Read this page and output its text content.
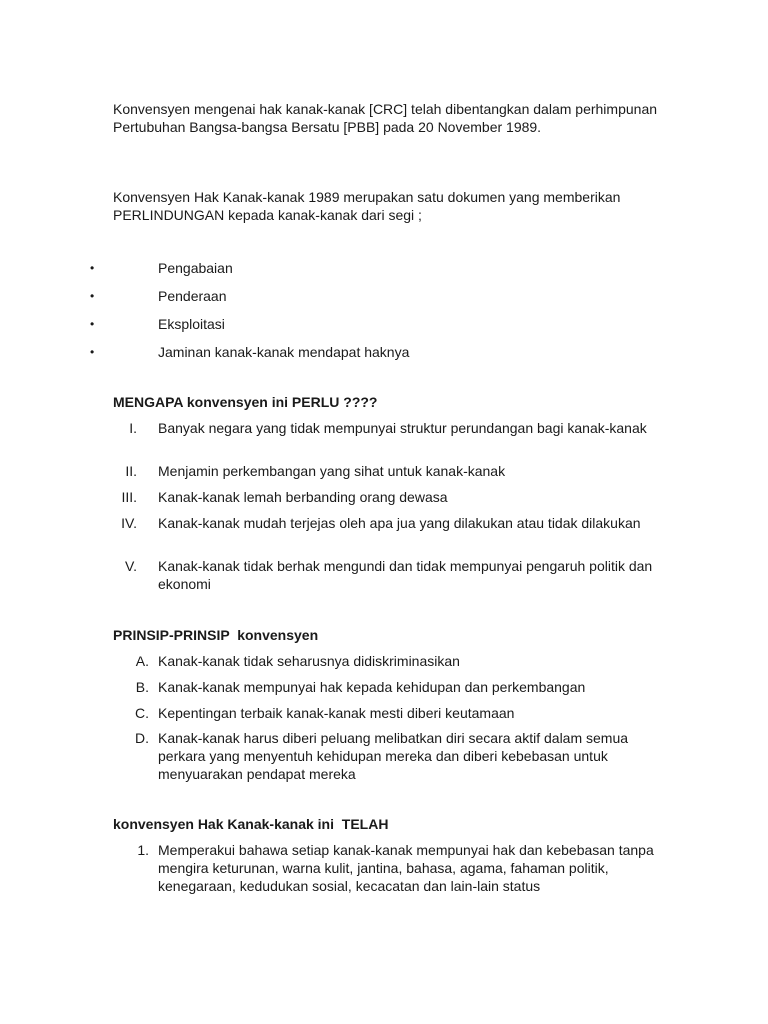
Konvensyen mengenai hak kanak-kanak [CRC] telah dibentangkan dalam perhimpunan Pertubuhan Bangsa-bangsa Bersatu [PBB] pada 20 November 1989.

Konvensyen Hak Kanak-kanak 1989 merupakan satu dokumen yang memberikan PERLINDUNGAN kepada kanak-kanak dari segi ;

•	Pengabaian
•	Penderaan
•	Eksploitasi
•	Jaminan kanak-kanak mendapat haknya
MENGAPA konvensyen ini PERLU ????
I. Banyak negara yang tidak mempunyai struktur perundangan bagi kanak-kanak
II. Menjamin perkembangan yang sihat untuk kanak-kanak
III. Kanak-kanak lemah berbanding orang dewasa
IV. Kanak-kanak mudah terjejas oleh apa jua yang dilakukan atau tidak dilakukan
V. Kanak-kanak tidak berhak mengundi dan tidak mempunyai pengaruh politik dan ekonomi
PRINSIP-PRINSIP  konvensyen
A. Kanak-kanak tidak seharusnya didiskriminasikan
B. Kanak-kanak mempunyai hak kepada kehidupan dan perkembangan
C. Kepentingan terbaik kanak-kanak mesti diberi keutamaan
D. Kanak-kanak harus diberi peluang melibatkan diri secara aktif dalam semua perkara yang menyentuh kehidupan mereka dan diberi kebebasan untuk menyuarakan pendapat mereka
konvensyen Hak Kanak-kanak ini  TELAH
1. Memperakui bahawa setiap kanak-kanak mempunyai hak dan kebebasan tanpa mengira keturunan, warna kulit, jantina, bahasa, agama, fahaman politik, kenegaraan, kedudukan sosial, kecacatan dan lain-lain status
